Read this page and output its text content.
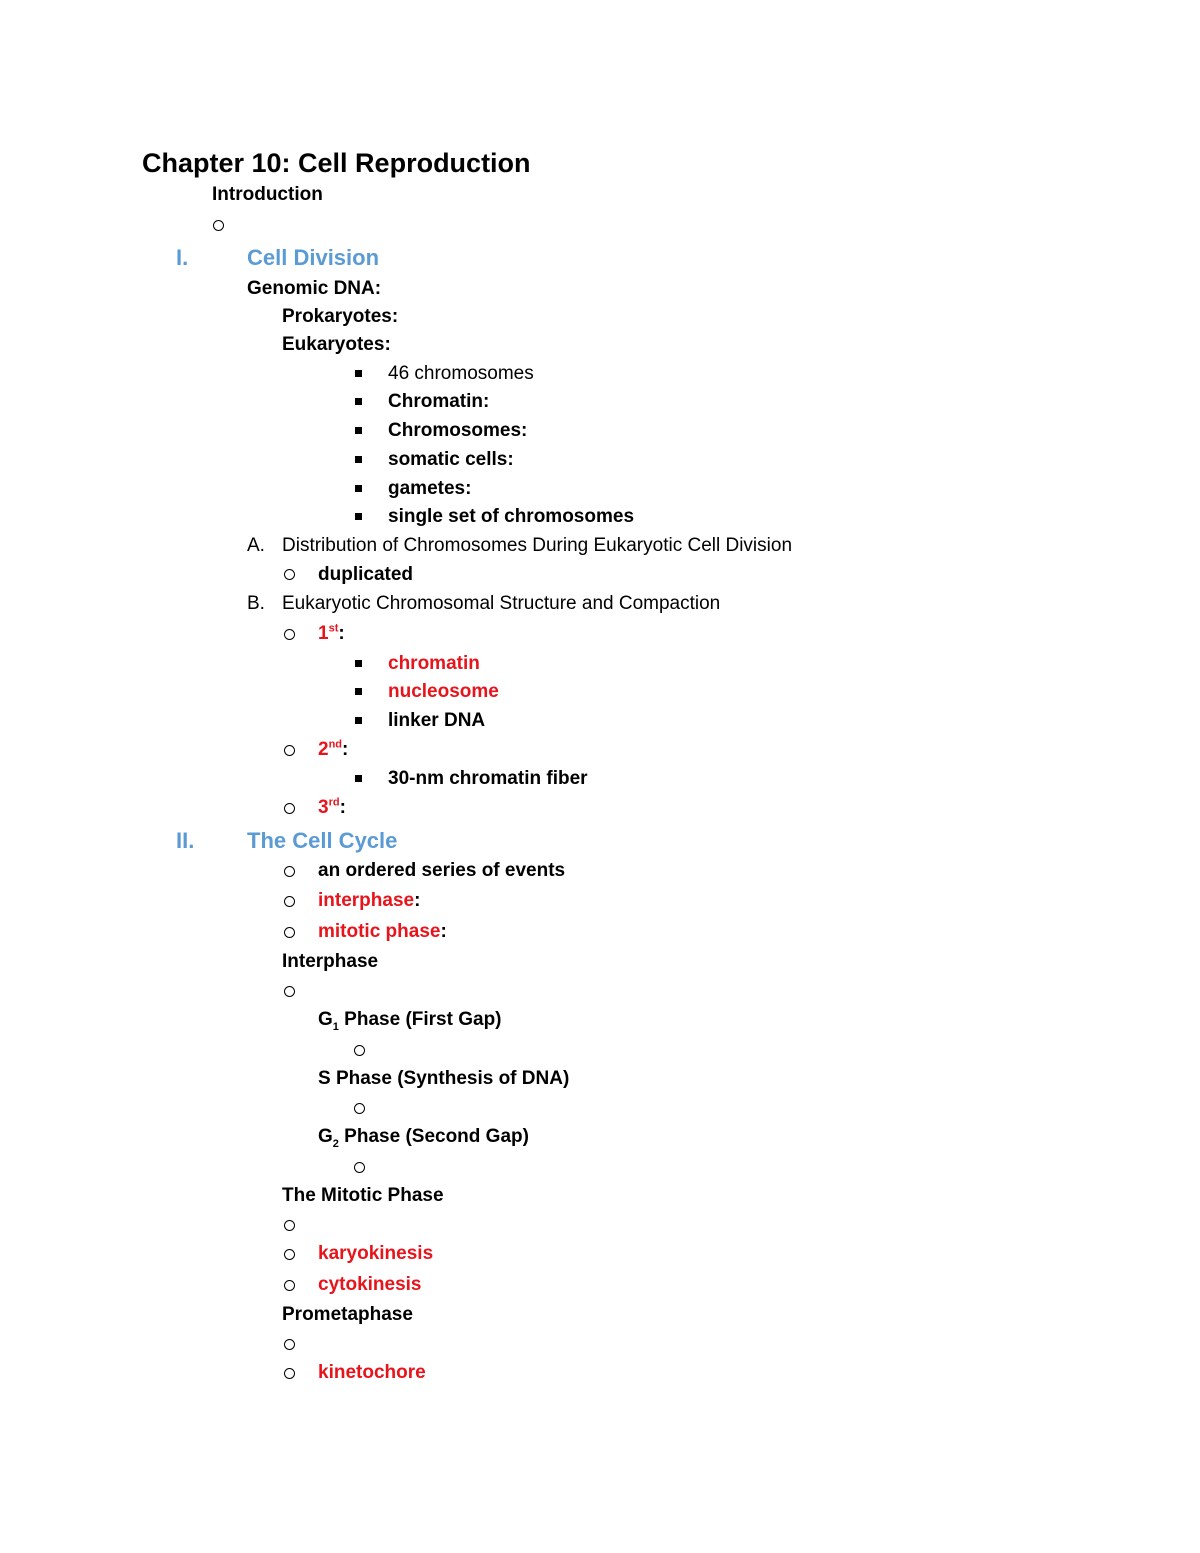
Chapter 10: Cell Reproduction
Introduction
I.	Cell Division
Genomic DNA:
Prokaryotes:
Eukaryotes:
46 chromosomes
Chromatin:
Chromosomes:
somatic cells:
gametes:
single set of chromosomes
A. Distribution of Chromosomes During Eukaryotic Cell Division
duplicated
B. Eukaryotic Chromosomal Structure and Compaction
1st:
chromatin
nucleosome
linker DNA
2nd:
30-nm chromatin fiber
3rd:
II. The Cell Cycle
an ordered series of events
interphase:
mitotic phase:
Interphase
$G_1$ Phase (First Gap)
S Phase (Synthesis of DNA)
$G_2$ Phase (Second Gap)
The Mitotic Phase
karyokinesis
cytokinesis
Prometaphase
kinetochore
